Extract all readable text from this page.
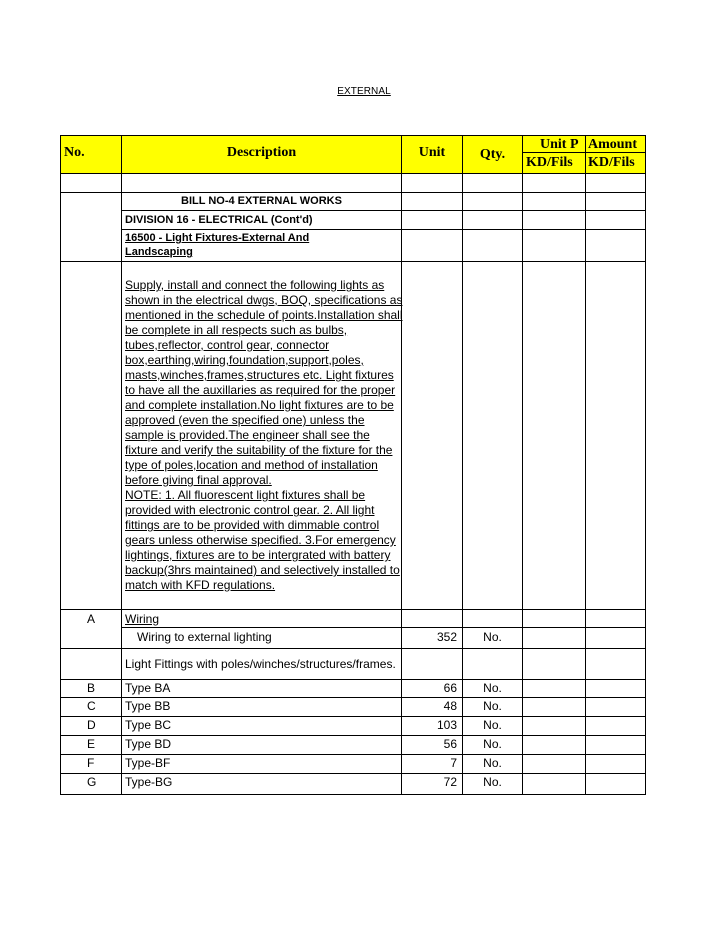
EXTERNAL
No.	Description	Unit	Qty.
Unit P Amount
KD/Fils	KD/Fils
BILL NO-4 EXTERNAL WORKS
DIVISION 16 - ELECTRICAL (Cont'd)
16500 - Light Fixtures-External And
Landscaping
Supply, install and connect the following lights as
shown in the electrical dwgs, BOQ, specifications as
mentioned in the schedule of points.Installation shall
be complete in all respects such as bulbs,
tubes,reflector, control gear, connector
box,earthing,wiring,foundation,support,poles,
masts,winches,frames,structures etc. Light fixtures
to have all the auxillaries as required for the proper
and complete installation.No light fixtures are to be
approved (even the specified one) unless the
sample is provided.The engineer shall see the
fixture and verify the suitability of the fixture for the
type of poles,location and method of installation
before giving final approval.
NOTE: 1. All fluorescent light fixtures shall be
provided with electronic control gear. 2. All light
fittings are to be provided with dimmable control
gears unless otherwise specified. 3.For emergency
lightings, fixtures are to be intergrated with battery
backup(3hrs maintained) and selectively installed to
match with KFD regulations.
A Wiring
Wiring to external lighting	352	No.
Light Fittings with poles/winches/structures/frames.
B Type BA	66	No.
C Type BB	48	No.
D Type BC	103	No.
E Type BD	56	No.
F	Type-BF	7	No.
G Type-BG	72	No.
